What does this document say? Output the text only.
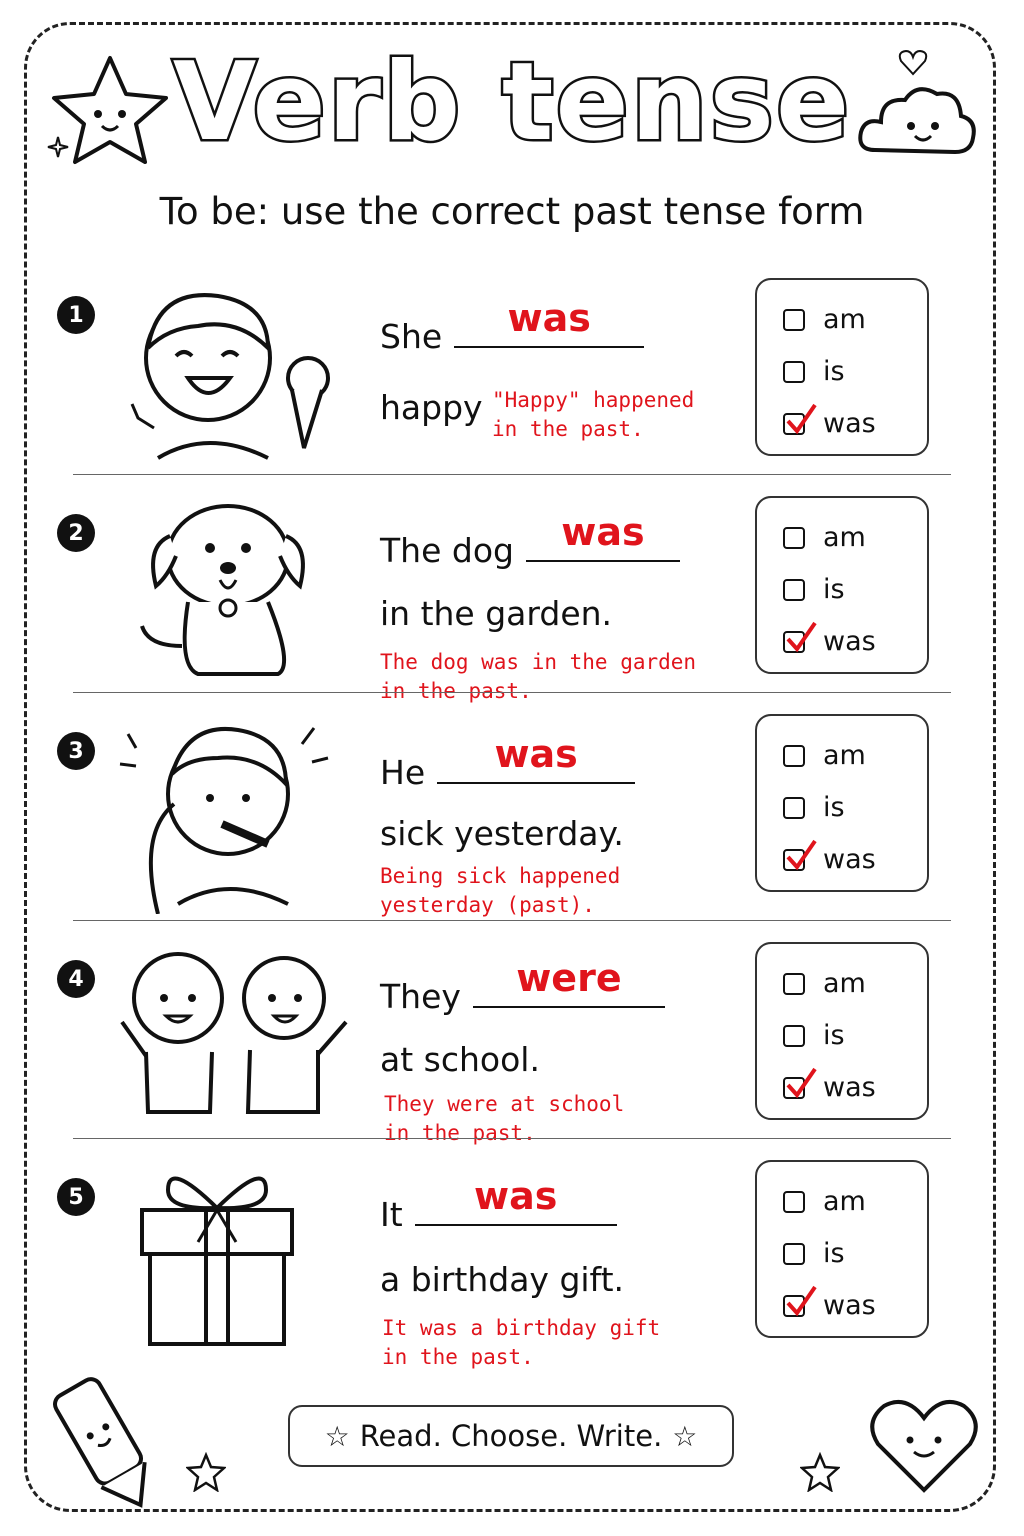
Verb tense
To be: use the correct past tense form
1
She	was
happy "Happy" happened
in the past.
am
is
was
2	The dog	was
in the garden.
The dog was in the garden
in the past.
am
is
was
3
He	was
sick yesterday.
Being sick happened
yesterday (past).
am
is
was
4	They	were
at school.
They were at school
in the past.
am
is
was
5	It	was
a birthday gift.
It was a birthday gift
in the past.
am
is
was
☆ Read. Choose. Write. ☆
